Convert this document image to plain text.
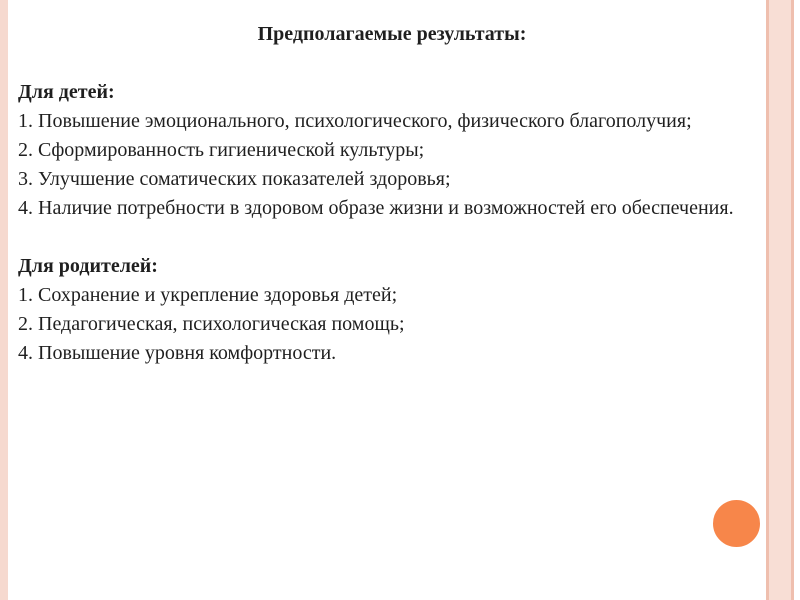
Предполагаемые результаты:

Для детей:

1. Повышение эмоционального, психологического, физического благополучия;

2. Сформированность гигиенической культуры;

3. Улучшение соматических показателей здоровья;

4. Наличие потребности в здоровом образе жизни и возможностей его обеспечения.

Для родителей:

1. Сохранение и укрепление здоровья детей;

2. Педагогическая, психологическая помощь;

4. Повышение уровня комфортности.
